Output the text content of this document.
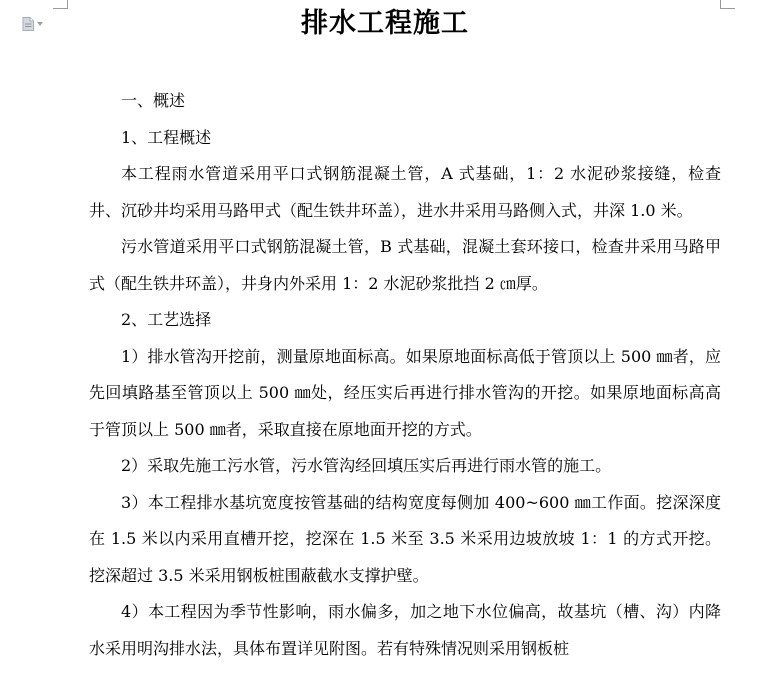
排水工程施工

一、概述

1、工程概述

本工程雨水管道采用平口式钢筋混凝土管，A 式基础，1：2 水泥砂浆接缝，检查井、沉砂井均采用马路甲式（配生铁井环盖），进水井采用马路侧入式，井深 1.0 米。

污水管道采用平口式钢筋混凝土管，B 式基础，混凝土套环接口，检查井采用马路甲式（配生铁井环盖），井身内外采用 1：2 水泥砂浆批挡 2 ㎝厚。

2、工艺选择

1）排水管沟开挖前，测量原地面标高。如果原地面标高低于管顶以上 500 ㎜者，应先回填路基至管顶以上 500 ㎜处，经压实后再进行排水管沟的开挖。如果原地面标高高于管顶以上 500 ㎜者，采取直接在原地面开挖的方式。

2）采取先施工污水管，污水管沟经回填压实后再进行雨水管的施工。

3）本工程排水基坑宽度按管基础的结构宽度每侧加 400~600 ㎜工作面。挖深深度在 1.5 米以内采用直槽开挖，挖深在 1.5 米至 3.5 米采用边坡放坡 1：1 的方式开挖。挖深超过 3.5 米采用钢板桩围蔽截水支撑护壁。

4）本工程因为季节性影响，雨水偏多，加之地下水位偏高，故基坑（槽、沟）内降水采用明沟排水法，具体布置详见附图。若有特殊情况则采用钢板桩
